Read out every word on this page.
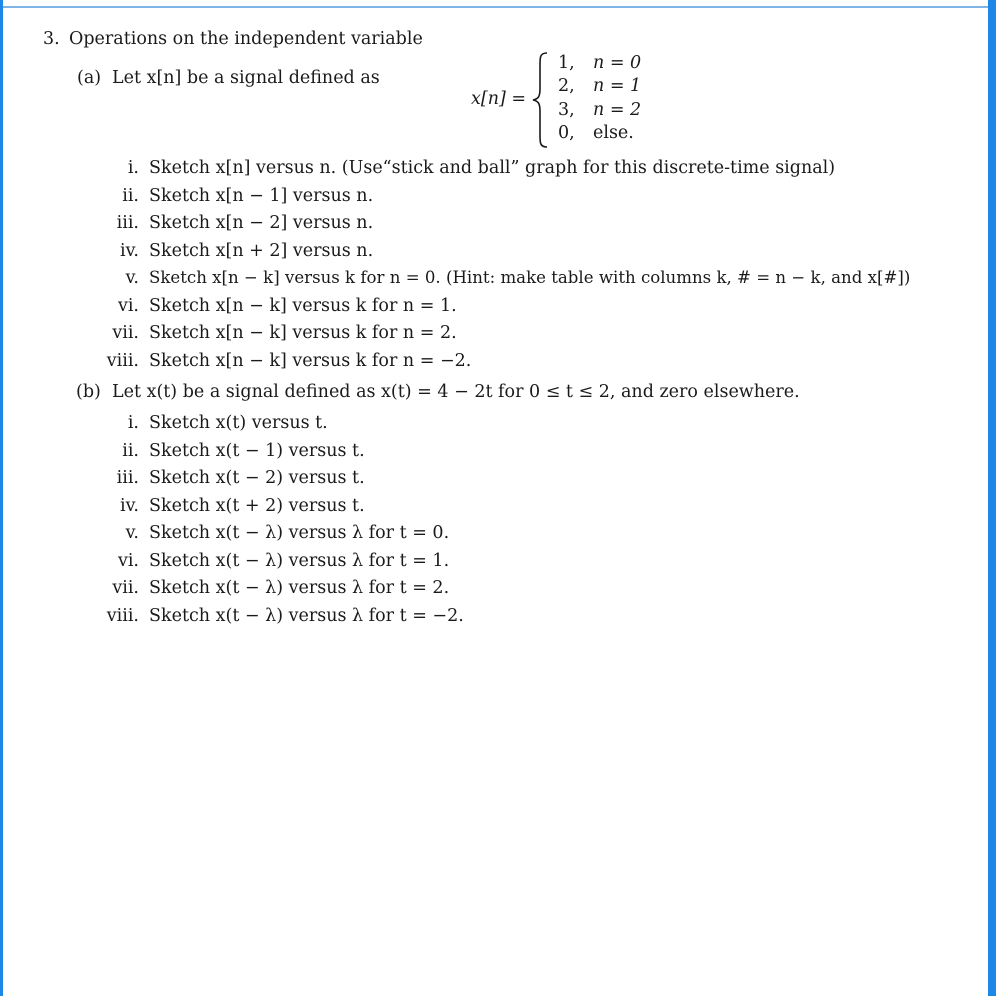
3. Operations on the independent variable
(a) Let x[n] be a signal defined as
x[n] =
1, n = 0
2, n = 1
3, n = 2
0, else.
i. Sketch x[n] versus n. (Use“stick and ball” graph for this discrete-time signal)
ii. Sketch x[n − 1] versus n.
iii. Sketch x[n − 2] versus n.
iv. Sketch x[n + 2] versus n.
v. Sketch x[n − k] versus k for n = 0. (Hint: make table with columns k, # = n − k, and x[#])
vi. Sketch x[n − k] versus k for n = 1.
vii. Sketch x[n − k] versus k for n = 2.
viii. Sketch x[n − k] versus k for n = −2.
(b) Let x(t) be a signal defined as x(t) = 4 − 2t for 0 ≤ t ≤ 2, and zero elsewhere.
i. Sketch x(t) versus t.
ii. Sketch x(t − 1) versus t.
iii. Sketch x(t − 2) versus t.
iv. Sketch x(t + 2) versus t.
v. Sketch x(t − λ) versus λ for t = 0.
vi. Sketch x(t − λ) versus λ for t = 1.
vii. Sketch x(t − λ) versus λ for t = 2.
viii. Sketch x(t − λ) versus λ for t = −2.
